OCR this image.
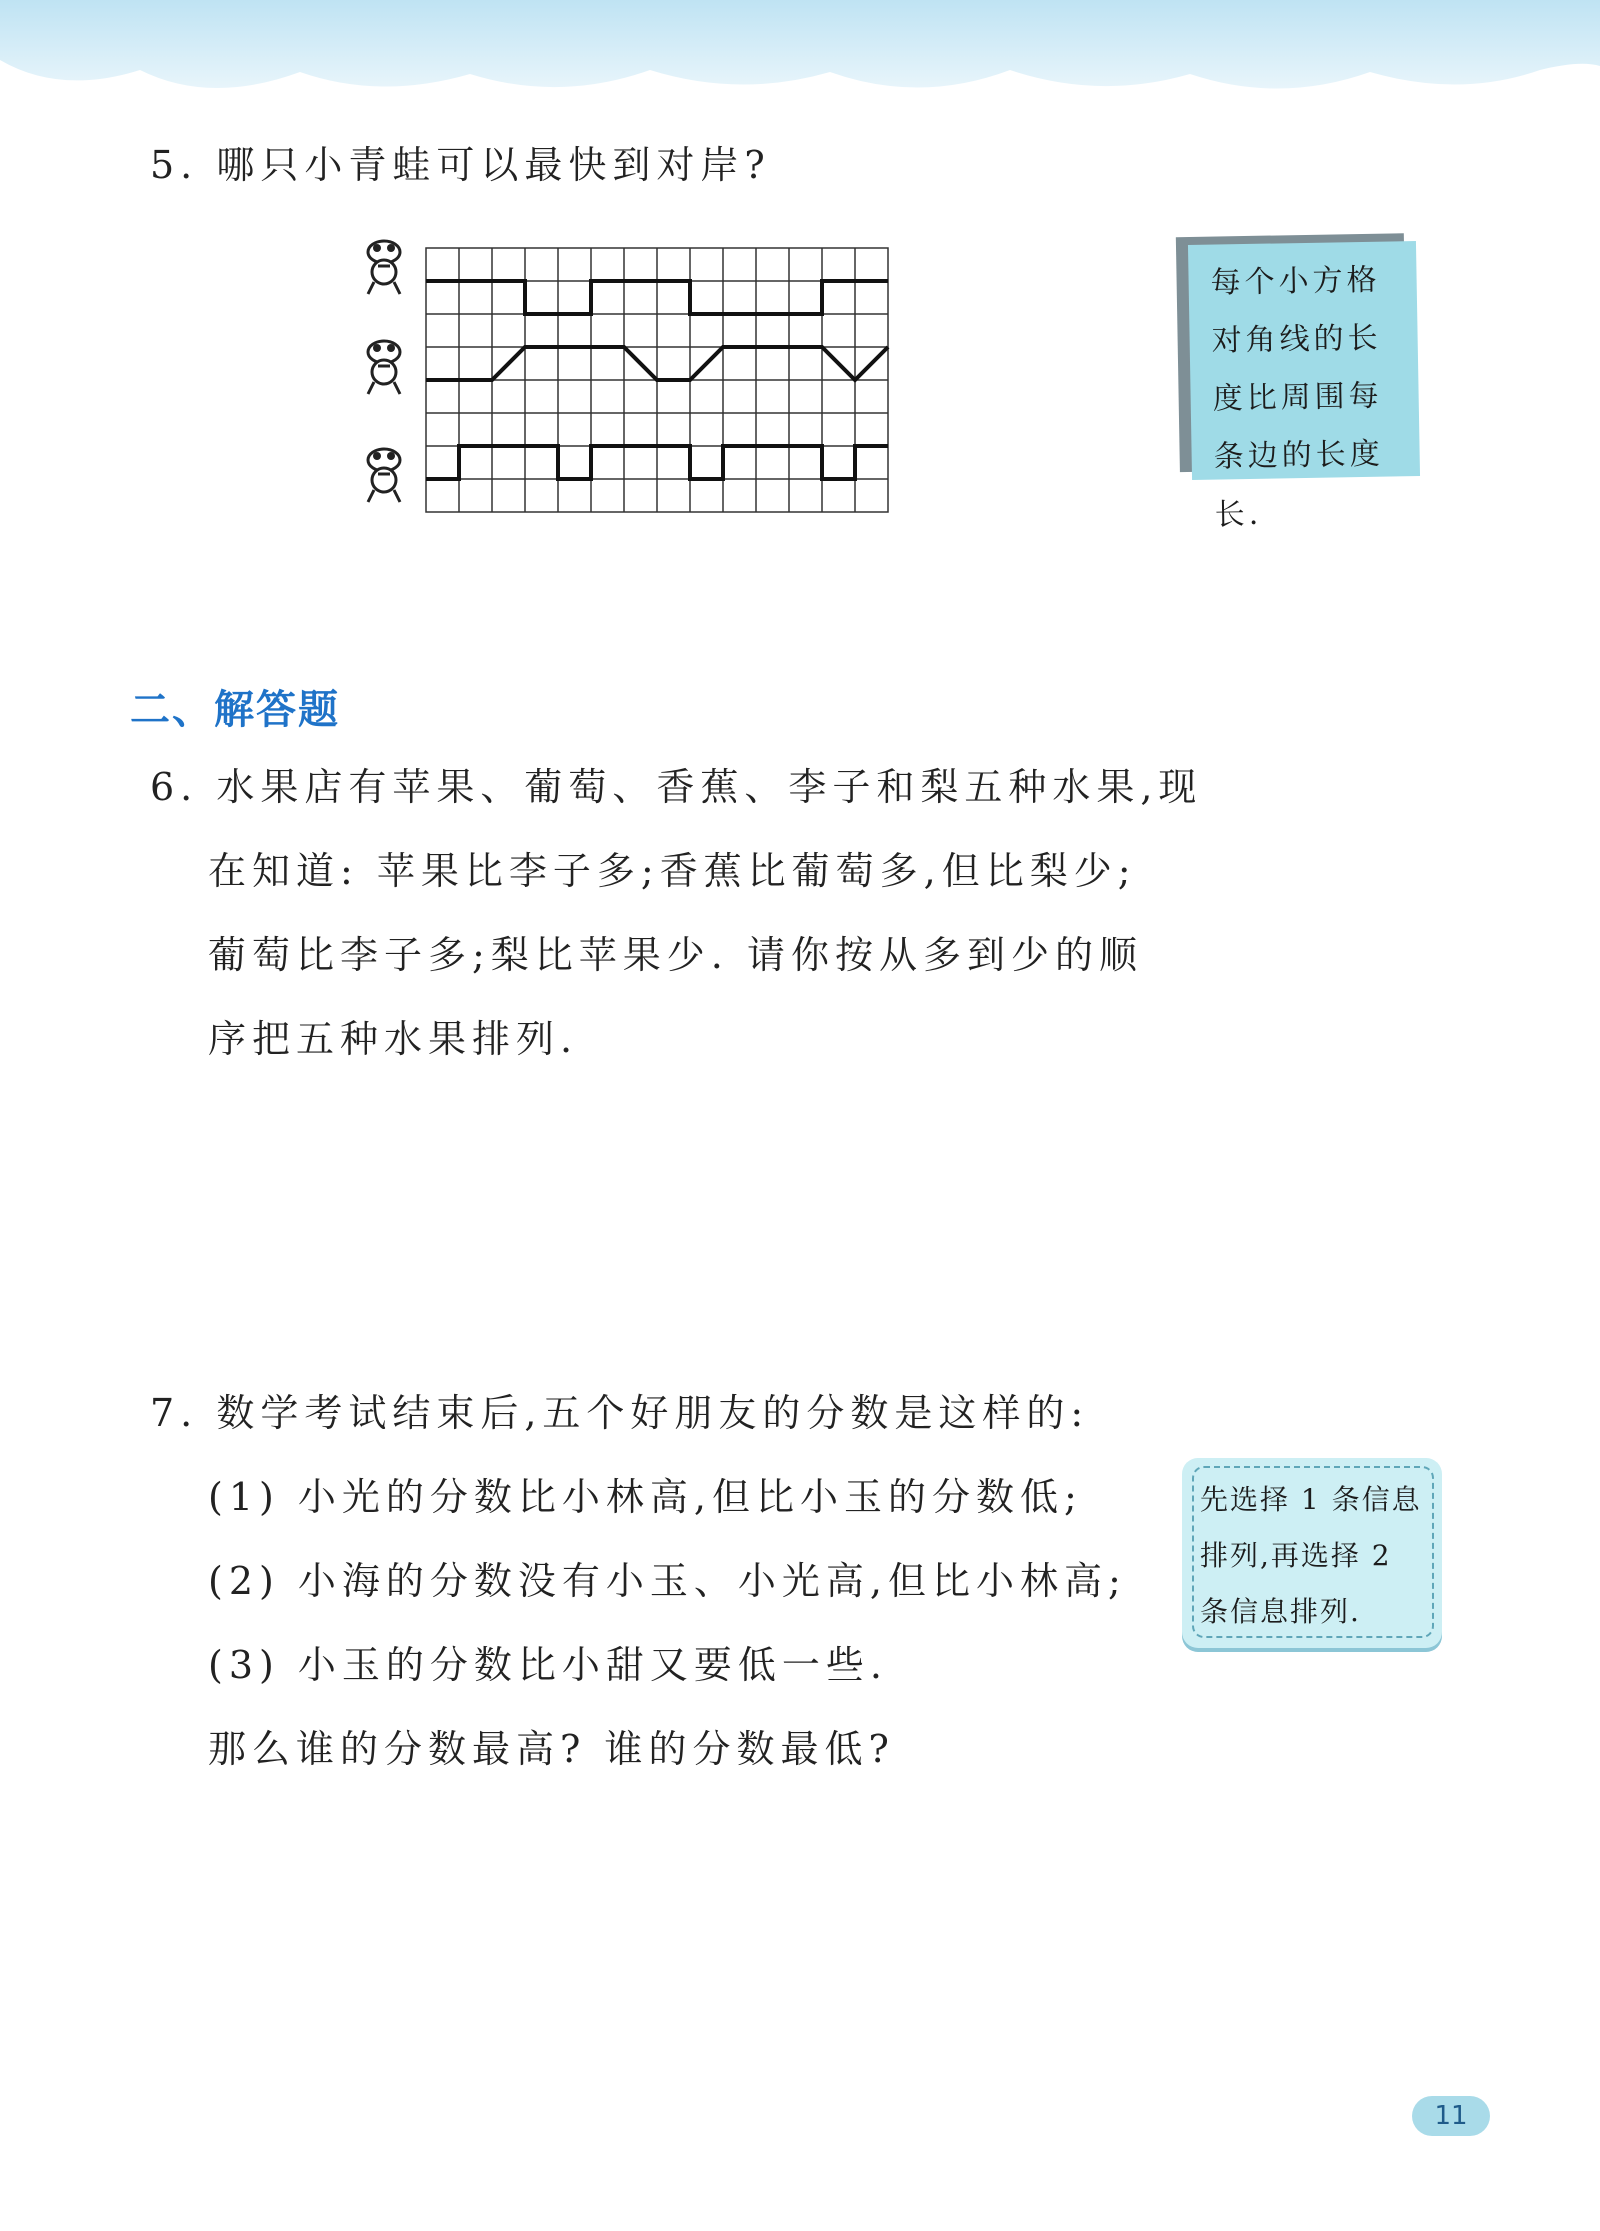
5. 哪只小青蛙可以最快到对岸?
每个小方格对角线的长度比周围每条边的长度长.
二、解答题
6. 水果店有苹果、葡萄、香蕉、李子和梨五种水果,现
在知道: 苹果比李子多;香蕉比葡萄多,但比梨少;
葡萄比李子多;梨比苹果少. 请你按从多到少的顺
序把五种水果排列.
7. 数学考试结束后,五个好朋友的分数是这样的:
(1) 小光的分数比小林高,但比小玉的分数低;
(2) 小海的分数没有小玉、小光高,但比小林高;
(3) 小玉的分数比小甜又要低一些.
那么谁的分数最高? 谁的分数最低?
先选择 1 条信息排列,再选择 2 条信息排列.
11
